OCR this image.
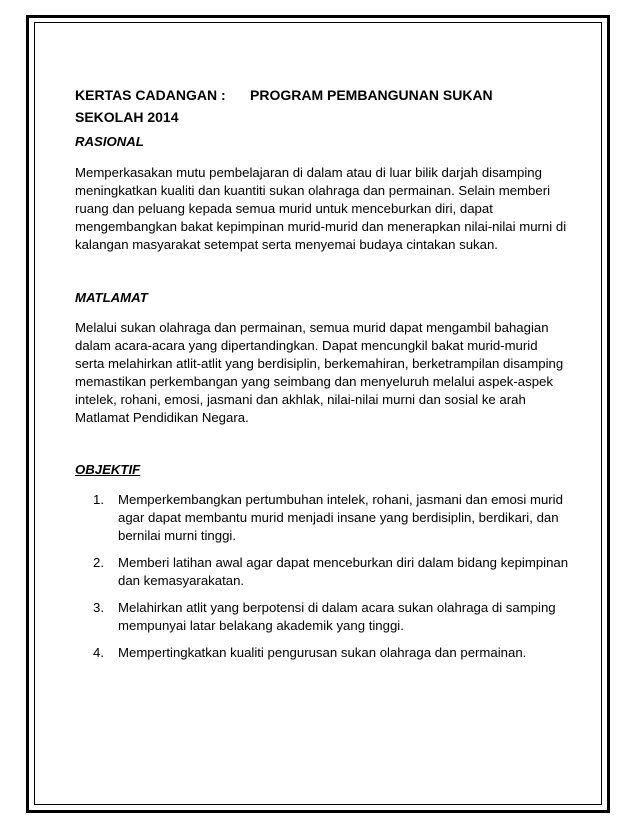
KERTAS CADANGAN : PROGRAM PEMBANGUNAN SUKAN
SEKOLAH 2014
RASIONAL

Memperkasakan mutu pembelajaran di dalam atau di luar bilik darjah disamping meningkatkan kualiti dan kuantiti sukan olahraga dan permainan. Selain memberi ruang dan peluang kepada semua murid untuk menceburkan diri, dapat mengembangkan bakat kepimpinan murid-murid dan menerapkan nilai-nilai murni di kalangan masyarakat setempat serta menyemai budaya cintakan sukan.

MATLAMAT

Melalui sukan olahraga dan permainan, semua murid dapat mengambil bahagian dalam acara-acara yang dipertandingkan. Dapat mencungkil bakat murid-murid serta melahirkan atlit-atlit yang berdisiplin, berkemahiran, berketrampilan disamping memastikan perkembangan yang seimbang dan menyeluruh melalui aspek-aspek intelek, rohani, emosi, jasmani dan akhlak, nilai-nilai murni dan sosial ke arah Matlamat Pendidikan Negara.

OBJEKTIF
1. Memperkembangkan pertumbuhan intelek, rohani, jasmani dan emosi murid agar dapat membantu murid menjadi insane yang berdisiplin, berdikari, dan bernilai murni tinggi.
2. Memberi latihan awal agar dapat menceburkan diri dalam bidang kepimpinan dan kemasyarakatan.
3. Melahirkan atlit yang berpotensi di dalam acara sukan olahraga di samping mempunyai latar belakang akademik yang tinggi.
4. Mempertingkatkan kualiti pengurusan sukan olahraga dan permainan.
